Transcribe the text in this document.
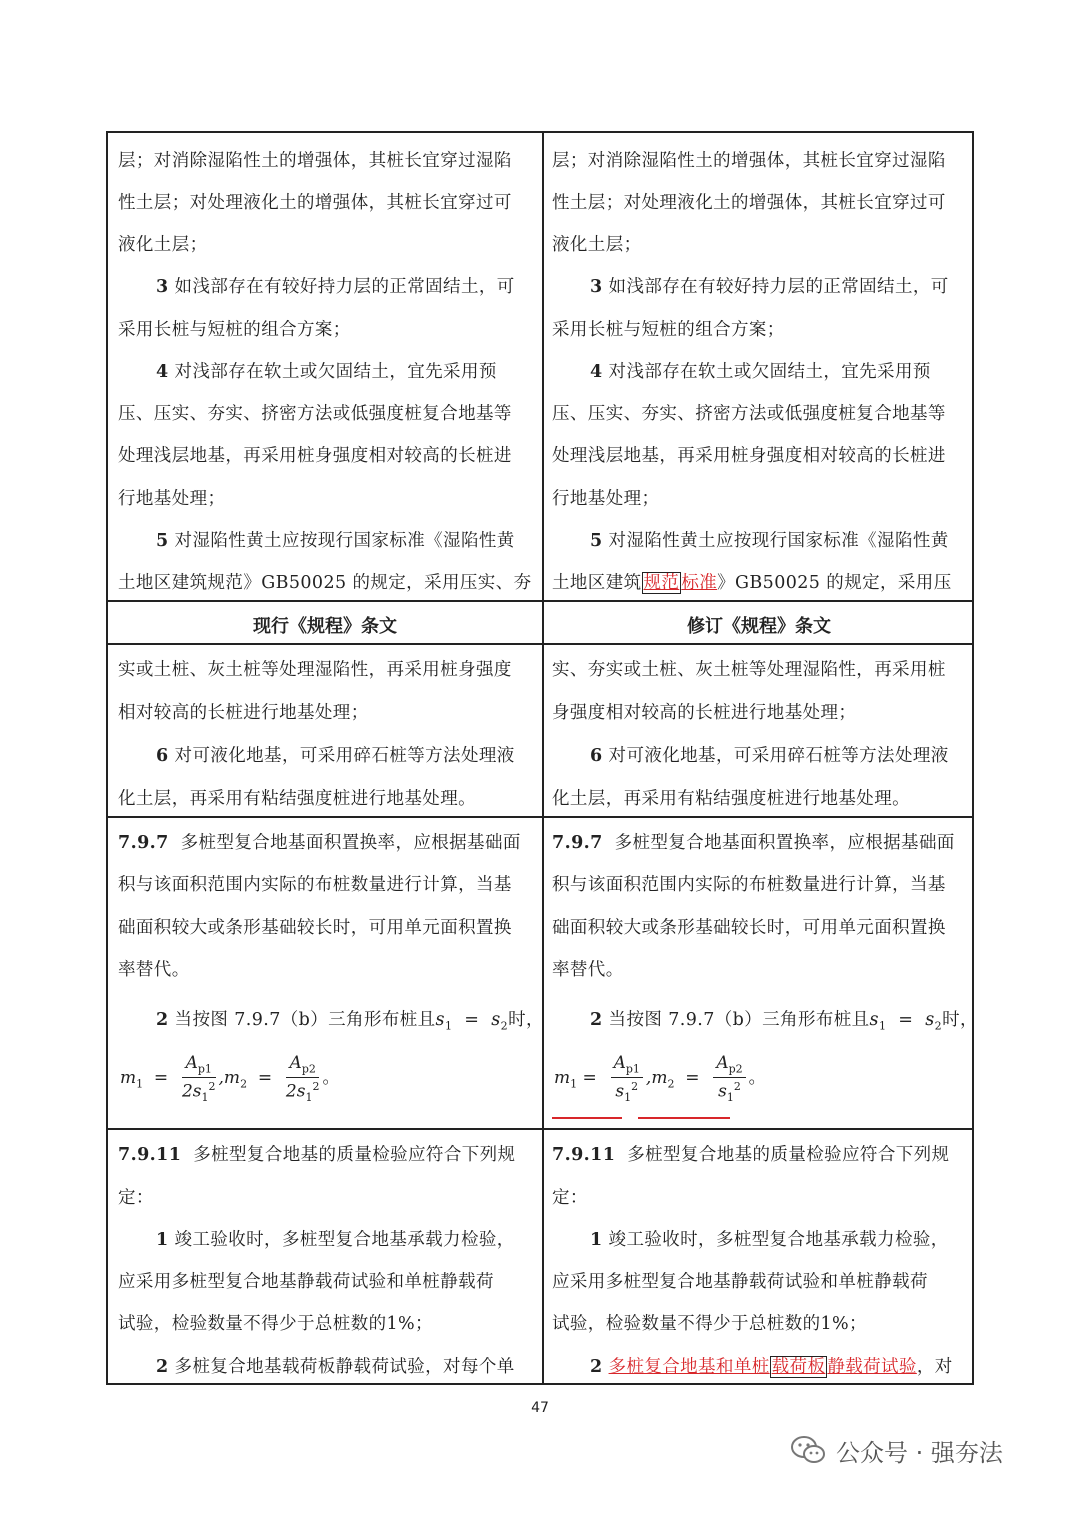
层；对消除湿陷性土的增强体，其桩长宜穿过湿陷
性土层；对处理液化土的增强体，其桩长宜穿过可
液化土层；
3 如浅部存在有较好持力层的正常固结土，可
采用长桩与短桩的组合方案；
4 对浅部存在软土或欠固结土，宜先采用预
压、压实、夯实、挤密方法或低强度桩复合地基等
处理浅层地基，再采用桩身强度相对较高的长桩进
行地基处理；
5 对湿陷性黄土应按现行国家标准《湿陷性黄
土地区建筑规范》GB50025 的规定，采用压实、夯
现行《规程》条文
实或土桩、灰土桩等处理湿陷性，再采用桩身强度
相对较高的长桩进行地基处理；
6 对可液化地基，可采用碎石桩等方法处理液
化土层，再采用有粘结强度桩进行地基处理。
7.9.7 多桩型复合地基面积置换率，应根据基础面
积与该面积范围内实际的布桩数量进行计算，当基
础面积较大或条形基础较长时，可用单元面积置换
率替代。
2 当按图 7.9.7（b）三角形布桩且$s_1 = s_2$时，
$m_1 = \frac{A_{p1}}{2s_1^2} ,m_2 = \frac{A_{p2}}{2s_1^2}$ 。
7.9.11 多桩型复合地基的质量检验应符合下列规
定：
1 竣工验收时，多桩型复合地基承载力检验，
应采用多桩型复合地基静载荷试验和单桩静载荷
试验，检验数量不得少于总桩数的1%；
2 多桩复合地基载荷板静载荷试验，对每个单
层；对消除湿陷性土的增强体，其桩长宜穿过湿陷
性土层；对处理液化土的增强体，其桩长宜穿过可
液化土层；
3 如浅部存在有较好持力层的正常固结土，可
采用长桩与短桩的组合方案；
4 对浅部存在软土或欠固结土，宜先采用预
压、压实、夯实、挤密方法或低强度桩复合地基等
处理浅层地基，再采用桩身强度相对较高的长桩进
行地基处理；
5 对湿陷性黄土应按现行国家标准《湿陷性黄
土地区建筑 规范 标准》GB50025 的规定，采用压
修订《规程》条文
实、夯实或土桩、灰土桩等处理湿陷性，再采用桩
身强度相对较高的长桩进行地基处理；
6 对可液化地基，可采用碎石桩等方法处理液
化土层，再采用有粘结强度桩进行地基处理。
7.9.7 多桩型复合地基面积置换率，应根据基础面
积与该面积范围内实际的布桩数量进行计算，当基
础面积较大或条形基础较长时，可用单元面积置换
率替代。
2 当按图 7.9.7（b）三角形布桩且$s_1 = s_2$时，
$m_1 = \frac{A_{p1}}{s_1^2} ,m_2 = \frac{A_{p2}}{s_1^2}$ 。
7.9.11 多桩型复合地基的质量检验应符合下列规
定：
1 竣工验收时，多桩型复合地基承载力检验，
应采用多桩型复合地基静载荷试验和单桩静载荷
试验，检验数量不得少于总桩数的1%；
2 多桩复合地基和单桩 载荷板 静载荷试验，对
47
公众号 · 强夯法
